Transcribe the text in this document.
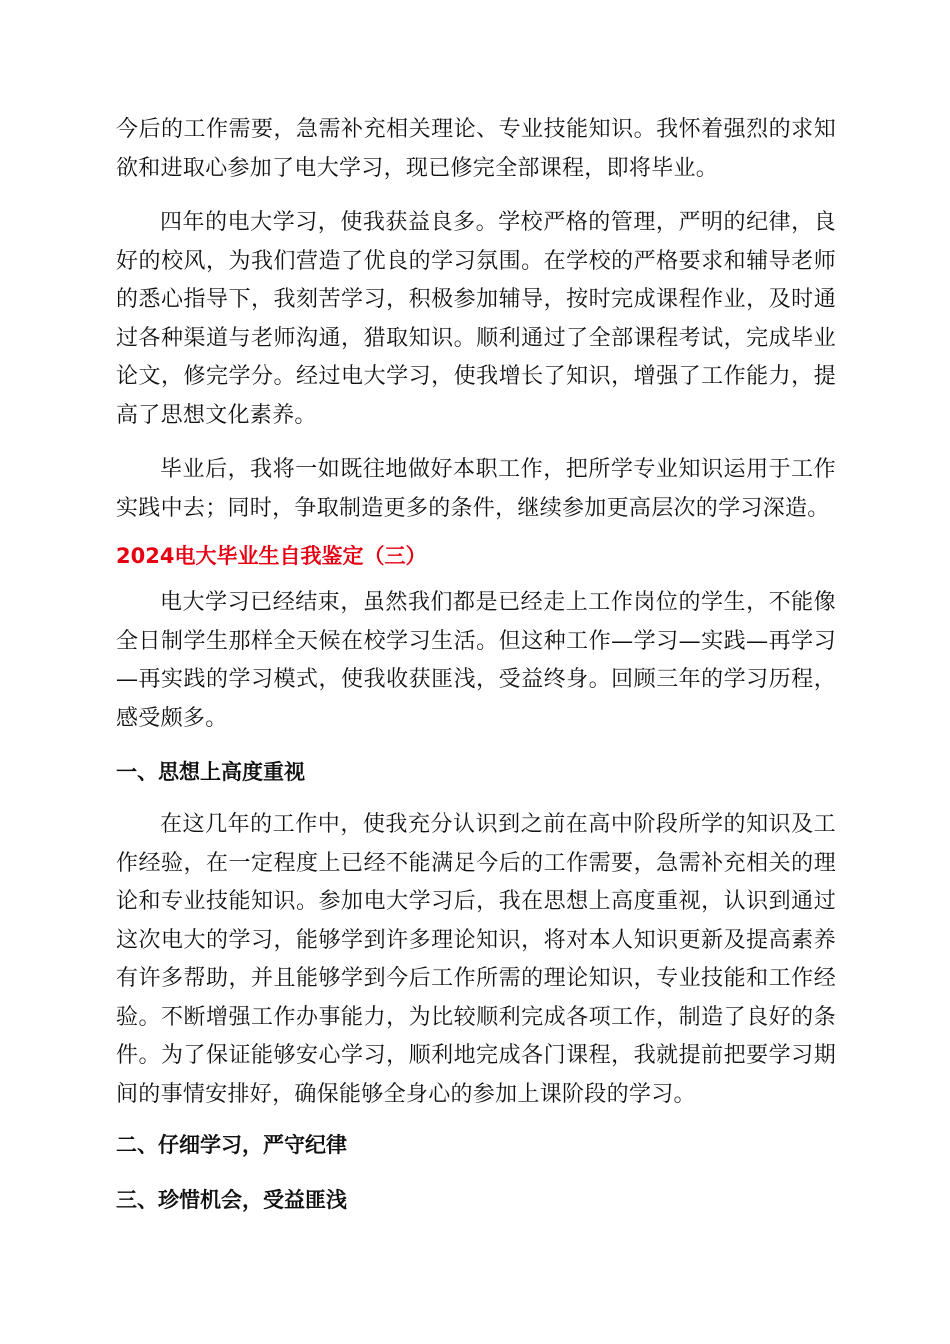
今后的工作需要，急需补充相关理论、专业技能知识。我怀着强烈的求知欲和进取心参加了电大学习，现已修完全部课程，即将毕业。

四年的电大学习，使我获益良多。学校严格的管理，严明的纪律，良好的校风，为我们营造了优良的学习氛围。在学校的严格要求和辅导老师的悉心指导下，我刻苦学习，积极参加辅导，按时完成课程作业，及时通过各种渠道与老师沟通，猎取知识。顺利通过了全部课程考试，完成毕业论文，修完学分。经过电大学习，使我增长了知识，增强了工作能力，提高了思想文化素养。

毕业后，我将一如既往地做好本职工作，把所学专业知识运用于工作实践中去；同时，争取制造更多的条件，继续参加更高层次的学习深造。

2024电大毕业生自我鉴定（三）

电大学习已经结束，虽然我们都是已经走上工作岗位的学生，不能像全日制学生那样全天候在校学习生活。但这种工作—学习—实践—再学习—再实践的学习模式，使我收获匪浅，受益终身。回顾三年的学习历程，感受颇多。

一、思想上高度重视

在这几年的工作中，使我充分认识到之前在高中阶段所学的知识及工作经验，在一定程度上已经不能满足今后的工作需要，急需补充相关的理论和专业技能知识。参加电大学习后，我在思想上高度重视，认识到通过这次电大的学习，能够学到许多理论知识，将对本人知识更新及提高素养有许多帮助，并且能够学到今后工作所需的理论知识，专业技能和工作经验。不断增强工作办事能力，为比较顺利完成各项工作，制造了良好的条件。为了保证能够安心学习，顺利地完成各门课程，我就提前把要学习期间的事情安排好，确保能够全身心的参加上课阶段的学习。

二、仔细学习，严守纪律
三、珍惜机会，受益匪浅
